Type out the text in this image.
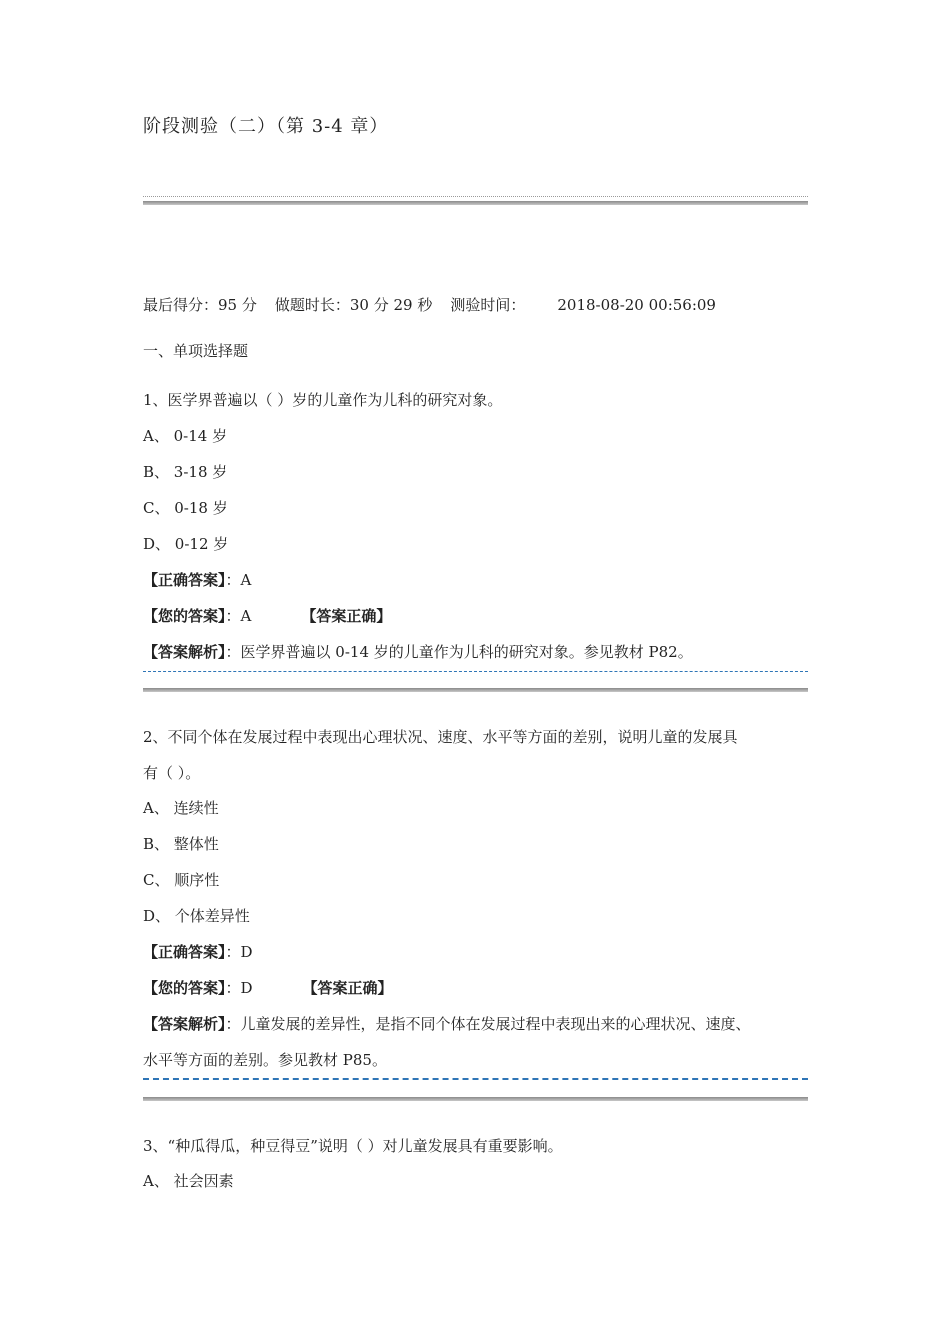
阶段测验（二）（第 3-4 章）
最后得分：95 分 做题时长：30 分 29 秒 测验时间： 2018-08-20 00:56:09
一、单项选择题
1、医学界普遍以（ ）岁的儿童作为儿科的研究对象。
A、 0-14 岁
B、 3-18 岁
C、 0-18 岁
D、 0-12 岁
【正确答案】：A
【您的答案】：A	【答案正确】
【答案解析】：医学界普遍以 0-14 岁的儿童作为儿科的研究对象。参见教材 P82。
2、不同个体在发展过程中表现出心理状况、速度、水平等方面的差别，说明儿童的发展具
有（ ）。
A、 连续性
B、 整体性
C、 顺序性
D、 个体差异性
【正确答案】：D
【您的答案】：D	【答案正确】
【答案解析】：儿童发展的差异性，是指不同个体在发展过程中表现出来的心理状况、速度、
水平等方面的差别。参见教材 P85。
3、“种瓜得瓜，种豆得豆”说明（ ）对儿童发展具有重要影响。
A、 社会因素
